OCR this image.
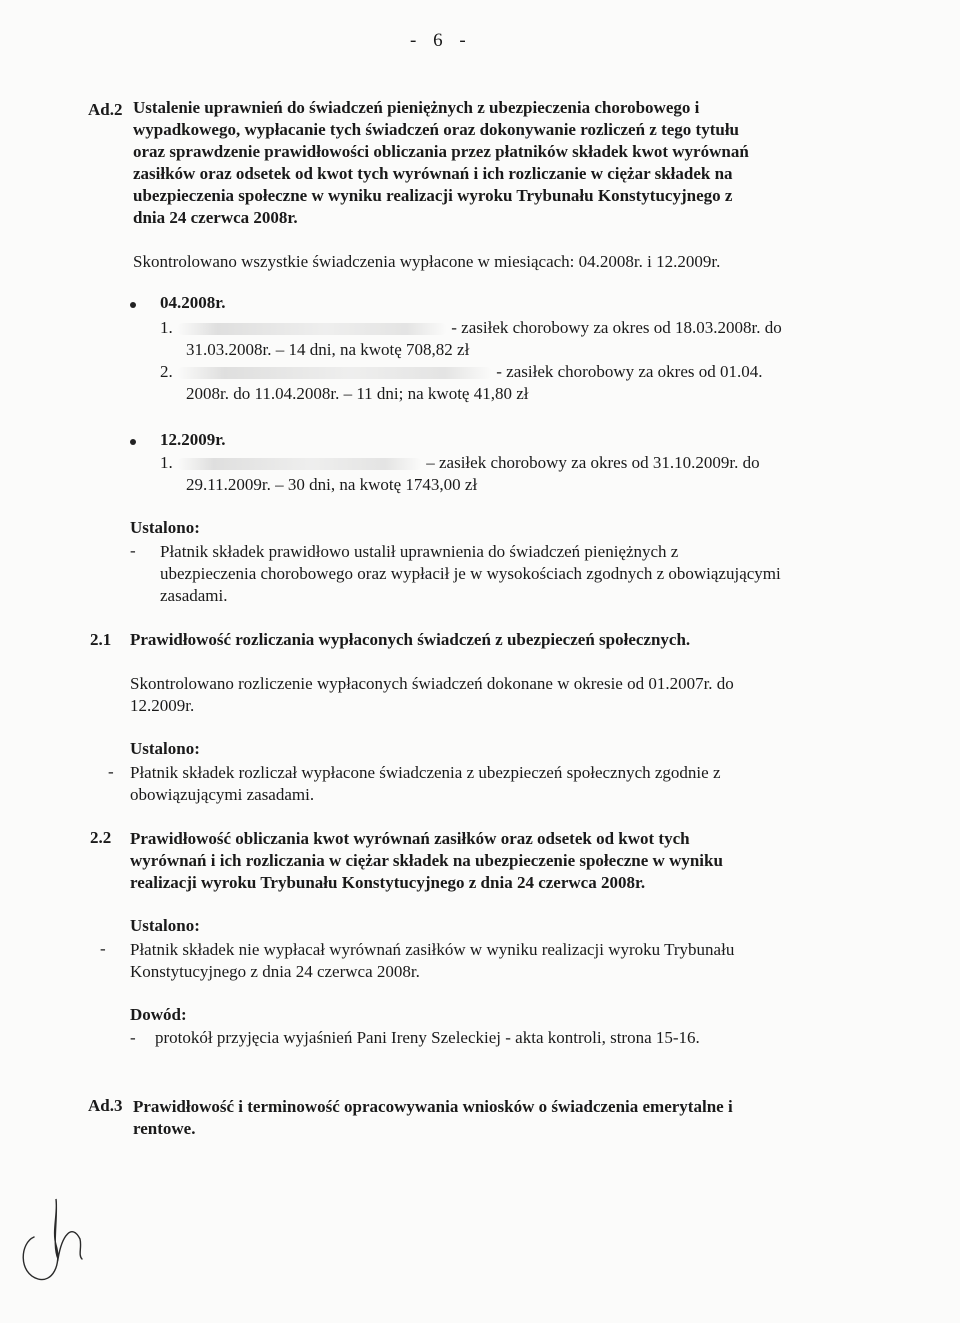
- 6 -
Ad.2 Ustalenie uprawnień do świadczeń pieniężnych z ubezpieczenia chorobowego i
wypadkowego, wypłacanie tych świadczeń oraz dokonywanie rozliczeń z tego tytułu
oraz sprawdzenie prawidłowości obliczania przez płatników składek kwot wyrównań
zasiłków oraz odsetek od kwot tych wyrównań i ich rozliczanie w ciężar składek na
ubezpieczenia społeczne w wyniku realizacji wyroku Trybunału Konstytucyjnego z
dnia 24 czerwca 2008r.
Skontrolowano wszystkie świadczenia wypłacone w miesiącach: 04.2008r. i 12.2009r.
04.2008r.
1.	- zasiłek chorobowy za okres od 18.03.2008r. do
31.03.2008r. – 14 dni, na kwotę 708,82 zł
2.	- zasiłek chorobowy za okres od 01.04.
2008r. do 11.04.2008r. – 11 dni; na kwotę 41,80 zł
12.2009r.
1.	– zasiłek chorobowy za okres od 31.10.2009r. do
29.11.2009r. – 30 dni, na kwotę 1743,00 zł
Ustalono:
- Płatnik składek prawidłowo ustalił uprawnienia do świadczeń pieniężnych z
ubezpieczenia chorobowego oraz wypłacił je w wysokościach zgodnych z obowiązującymi
zasadami.
2.1 Prawidłowość rozliczania wypłaconych świadczeń z ubezpieczeń społecznych.
Skontrolowano rozliczenie wypłaconych świadczeń dokonane w okresie od 01.2007r. do
12.2009r.
Ustalono:
- Płatnik składek rozliczał wypłacone świadczenia z ubezpieczeń społecznych zgodnie z
obowiązującymi zasadami.
2.2 Prawidłowość obliczania kwot wyrównań zasiłków oraz odsetek od kwot tych
wyrównań i ich rozliczania w ciężar składek na ubezpieczenie społeczne w wyniku
realizacji wyroku Trybunału Konstytucyjnego z dnia 24 czerwca 2008r.
Ustalono:
- Płatnik składek nie wypłacał wyrównań zasiłków w wyniku realizacji wyroku Trybunału
Konstytucyjnego z dnia 24 czerwca 2008r.
Dowód:
- protokół przyjęcia wyjaśnień Pani Ireny Szeleckiej - akta kontroli, strona 15-16.
Ad.3 Prawidłowość i terminowość opracowywania wniosków o świadczenia emerytalne i
rentowe.
